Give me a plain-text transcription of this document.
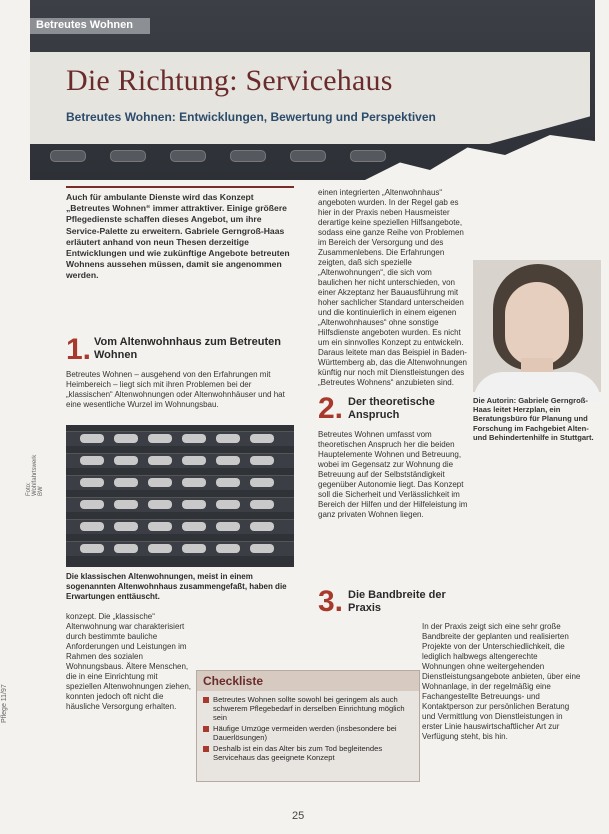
Betreutes Wohnen
Die Richtung: Servicehaus
Betreutes Wohnen: Entwicklungen, Bewertung und Perspektiven
Auch für ambulante Dienste wird das Konzept „Betreutes Wohnen“ immer attraktiver. Einige größere Pflegedienste schaffen dieses Angebot, um ihre Service-Palette zu erweitern. Gabriele Gerngroß-Haas erläutert anhand von neun Thesen derzeitige Entwicklungen und wie zukünftige Angebote betreuten Wohnens aussehen müssen, damit sie angenommen werden.
1. Vom Altenwohnhaus zum Betreuten Wohnen
Betreutes Wohnen – ausgehend von den Erfahrungen mit Heimbereich – liegt sich mit ihren Problemen bei der „klassischen“ Altenwohnungen oder Altenwohnhäuser und hat eine wesentliche Wurzel im Wohnungsbau.
Foto: Wohlfahrtswerk BW
Die klassischen Altenwohnungen, meist in einem sogenannten Altenwohnhaus zusammengefaßt, haben die Erwartungen enttäuscht.
konzept. Die „klassische“ Altenwohnung war charakterisiert durch bestimmte bauliche Anforderungen und Leistungen im Rahmen des sozialen Wohnungsbaus. Ältere Menschen, die in eine Einrichtung mit speziellen Altenwohnungen ziehen, konnten jedoch oft nicht die häusliche Versorgung erhalten.
Checkliste
Betreutes Wohnen sollte sowohl bei geringem als auch schwerem Pflegebedarf in derselben Einrichtung möglich sein
Häufige Umzüge vermeiden werden (insbesondere bei Dauerlösungen)
Deshalb ist ein das Alter bis zum Tod begleitendes Servicehaus das geeignete Konzept
einen integrierten „Altenwohnhaus“ angeboten wurden. In der Regel gab es hier in der Praxis neben Hausmeister derartige keine speziellen Hilfsangebote, sodass eine ganze Reihe von Problemen im Bereich der Versorgung und des Zusammenlebens. Die Erfahrungen zeigten, daß sich spezielle „Altenwohnungen“, die sich vom baulichen her nicht unterschieden, von einer Akzeptanz her Bauausführung mit hoher sachlicher Standard unterscheiden und die kontinuierlich in einem eigenen „Altenwohnhauses“ ohne sonstige Hilfsdienste angeboten wurden. Es nicht um ein sinnvolles Konzept zu entwickeln. Daraus leitete man das Beispiel in Baden-Württemberg ab, das die Altenwohnungen künftig nur noch mit Dienstleistungen des „Betreutes Wohnens“ anzubieten sind.
Die Autorin: Gabriele Gerngroß-Haas leitet Herzplan, ein Beratungsbüro für Planung und Forschung im Fachgebiet Alten- und Behindertenhilfe in Stuttgart.
2. Der theoretische Anspruch
Betreutes Wohnen umfasst vom theoretischen Anspruch her die beiden Hauptelemente Wohnen und Betreuung, wobei im Gegensatz zur Wohnung die Betreuung auf der Selbstständigkeit gegenüber Autonomie liegt. Das Konzept soll die Sicherheit und Verlässlichkeit im Bereich der Hilfen und der Hilfeleistung im ganz privaten Wohnen liegen.
3. Die Bandbreite der Praxis
In der Praxis zeigt sich eine sehr große Bandbreite der geplanten und realisierten Projekte von der Unterschiedlichkeit, die lediglich halbwegs altengerechte Wohnungen ohne weitergehenden Dienstleistungsangebote anbieten, über eine Wohnanlage, in der regelmäßig eine Fachangestellte Betreuungs- und Kontaktperson zur persönlichen Beratung und Vermittlung von Dienstleistungen in erster Linie hauswirtschaftlicher Art zur Verfügung steht, bis hin.
Pflege 11/97
25
